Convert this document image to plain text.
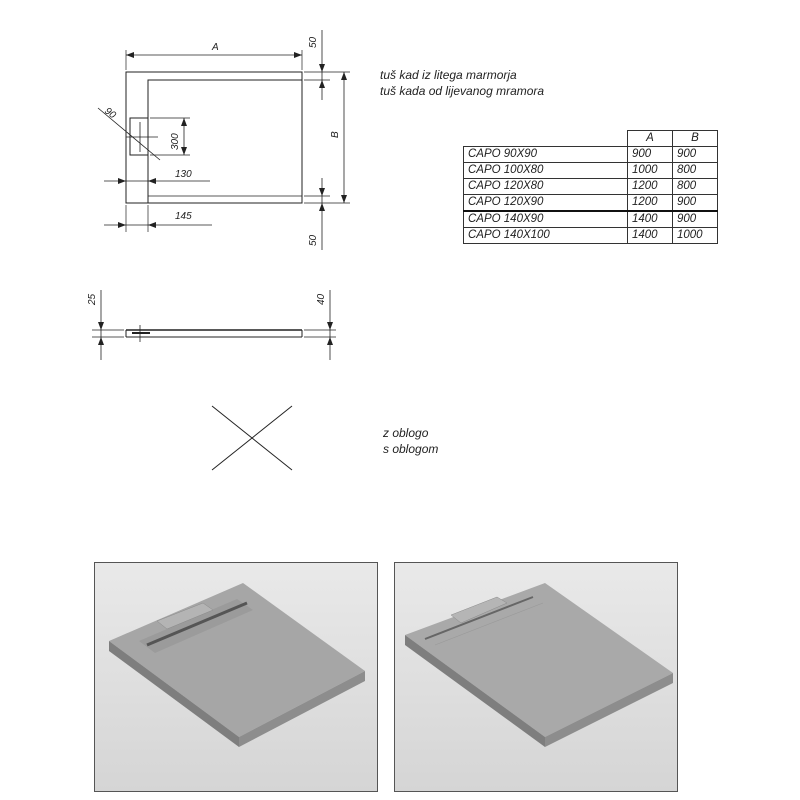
A
B
50
50
90
300
130
145
25	40
tuš kad iz litega marmorja
tuš kada od lijevanog mramora
z oblogo
s oblogom
	A	B
CAPO 90X90	900	900
CAPO 100X80	1000	800
CAPO 120X80	1200	800
CAPO 120X90	1200	900
CAPO 140X90	1400	900
CAPO 140X100	1400	1000
